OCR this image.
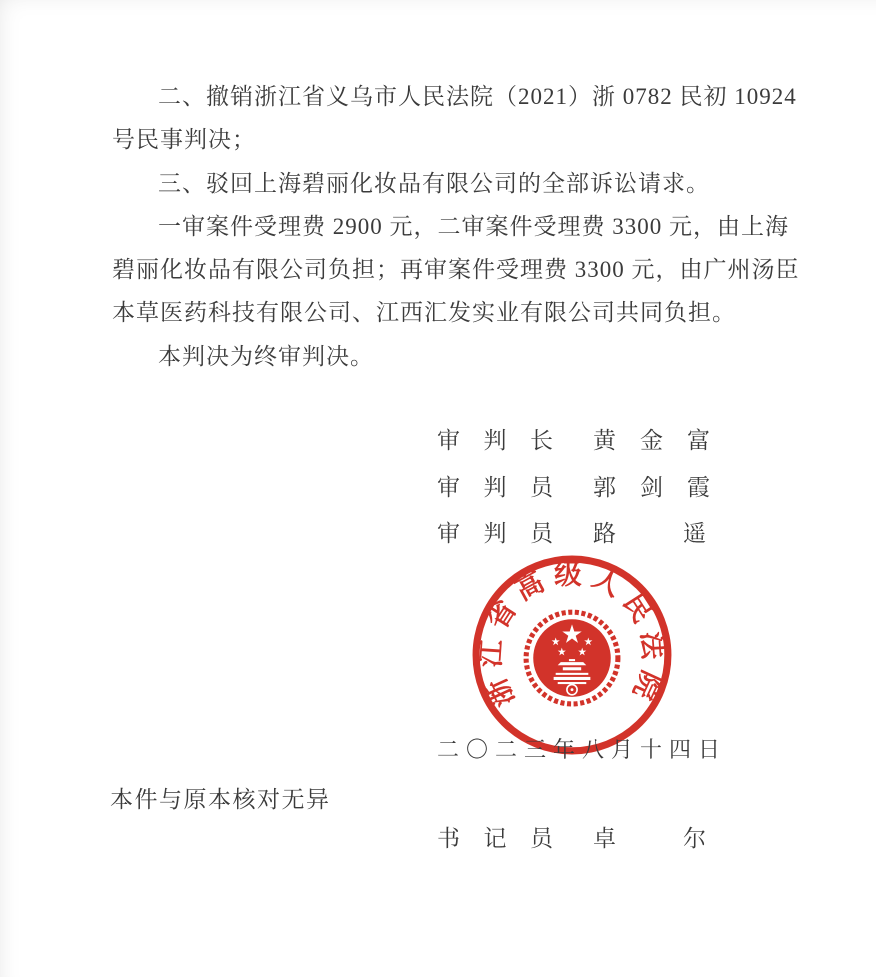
二、撤销浙江省义乌市人民法院（2021）浙 0782 民初 10924
号民事判决；
三、驳回上海碧丽化妆品有限公司的全部诉讼请求。
一审案件受理费 2900 元，二审案件受理费 3300 元，由上海
碧丽化妆品有限公司负担；再审案件受理费 3300 元，由广州汤臣
本草医药科技有限公司、江西汇发实业有限公司共同负担。
本判决为终审判决。
审判长 黄金富
审判员 郭剑霞
审判员 路遥
浙江省高级人民法院
二〇二三年八月十四日
本件与原本核对无异
书记员 卓尔
